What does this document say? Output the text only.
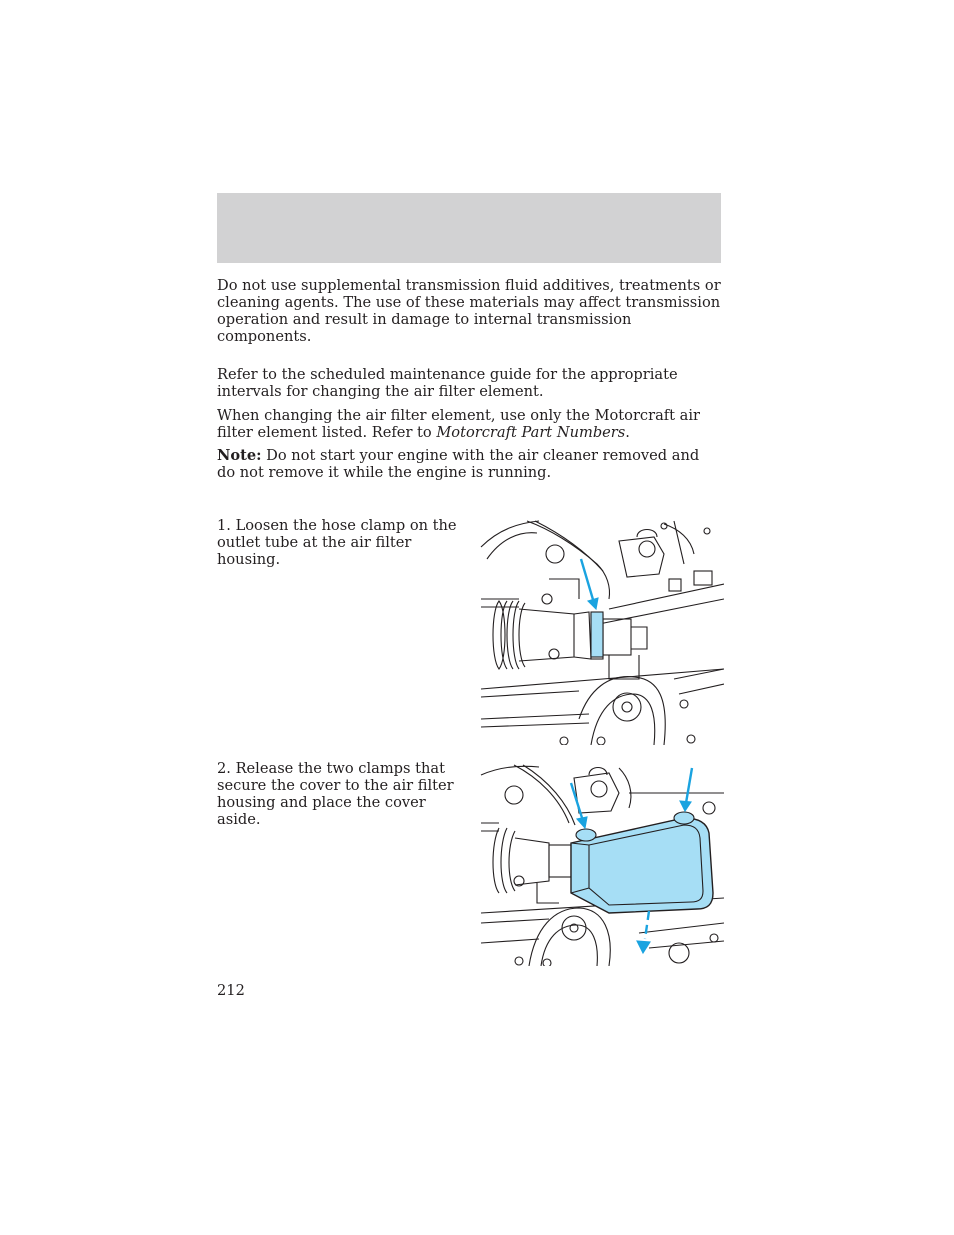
Do not use supplemental transmission fluid additives, treatments or cleaning agents. The use of these materials may affect transmission operation and result in damage to internal transmission components.

Refer to the scheduled maintenance guide for the appropriate intervals for changing the air filter element.

When changing the air filter element, use only the Motorcraft air filter element listed. Refer to Motorcraft Part Numbers.

Note: Do not start your engine with the air cleaner removed and do not remove it while the engine is running.

1. Loosen the hose clamp on the outlet tube at the air filter housing.

2. Release the two clamps that secure the cover to the air filter housing and place the cover aside.

212
